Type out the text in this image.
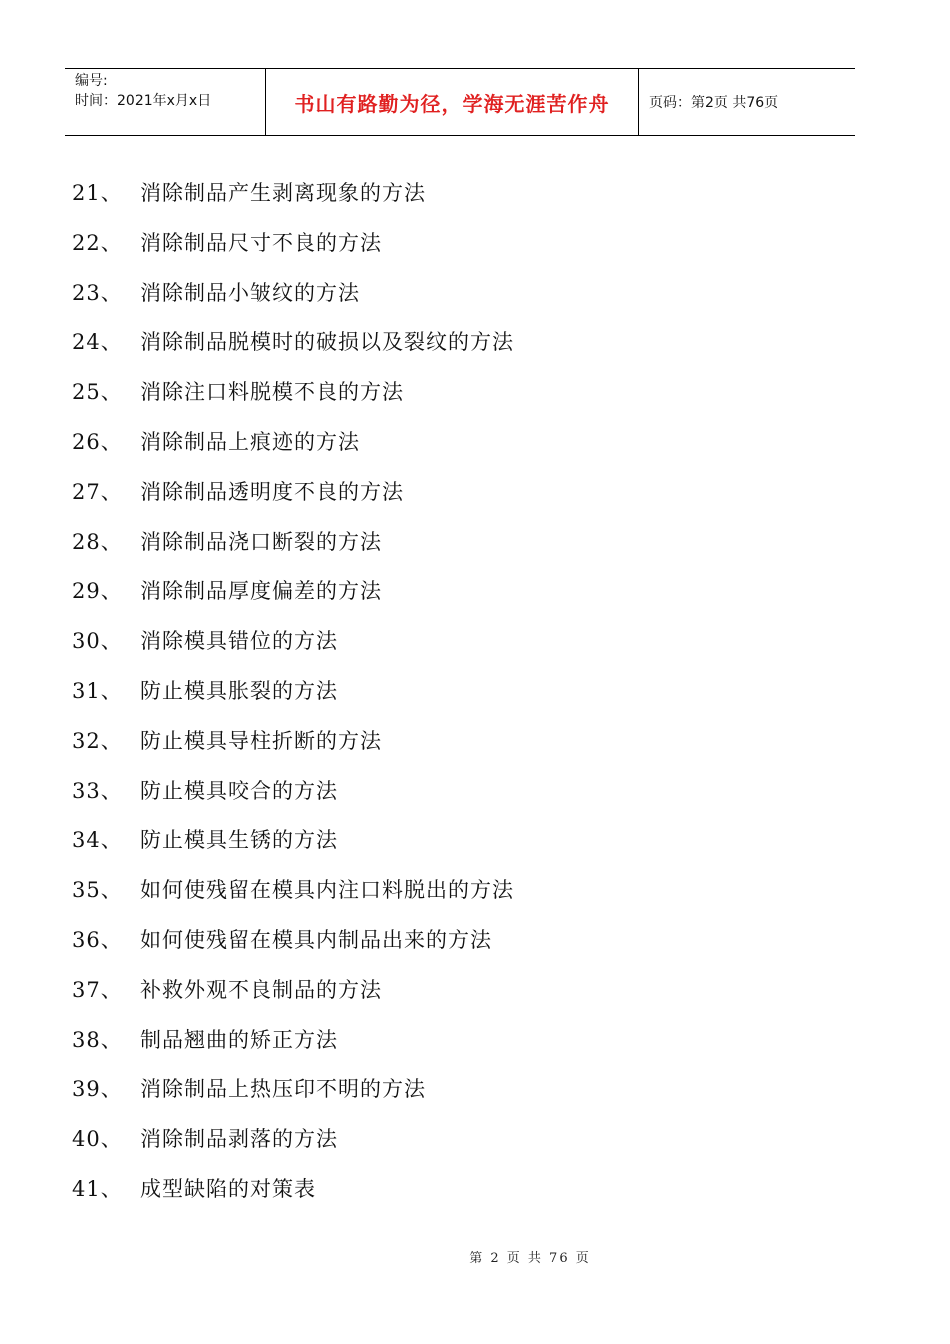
编号:
时间：2021年x月x日	书山有路勤为径，学海无涯苦作舟	页码：第2页 共76页
21、 消除制品产生剥离现象的方法
22、 消除制品尺寸不良的方法
23、 消除制品小皱纹的方法
24、 消除制品脱模时的破损以及裂纹的方法
25、 消除注口料脱模不良的方法
26、 消除制品上痕迹的方法
27、 消除制品透明度不良的方法
28、 消除制品浇口断裂的方法
29、 消除制品厚度偏差的方法
30、 消除模具错位的方法
31、 防止模具胀裂的方法
32、 防止模具导柱折断的方法
33、 防止模具咬合的方法
34、 防止模具生锈的方法
35、 如何使残留在模具内注口料脱出的方法
36、 如何使残留在模具内制品出来的方法
37、 补救外观不良制品的方法
38、 制品翘曲的矫正方法
39、 消除制品上热压印不明的方法
40、 消除制品剥落的方法
41、 成型缺陷的对策表
第 2 页 共 76 页
